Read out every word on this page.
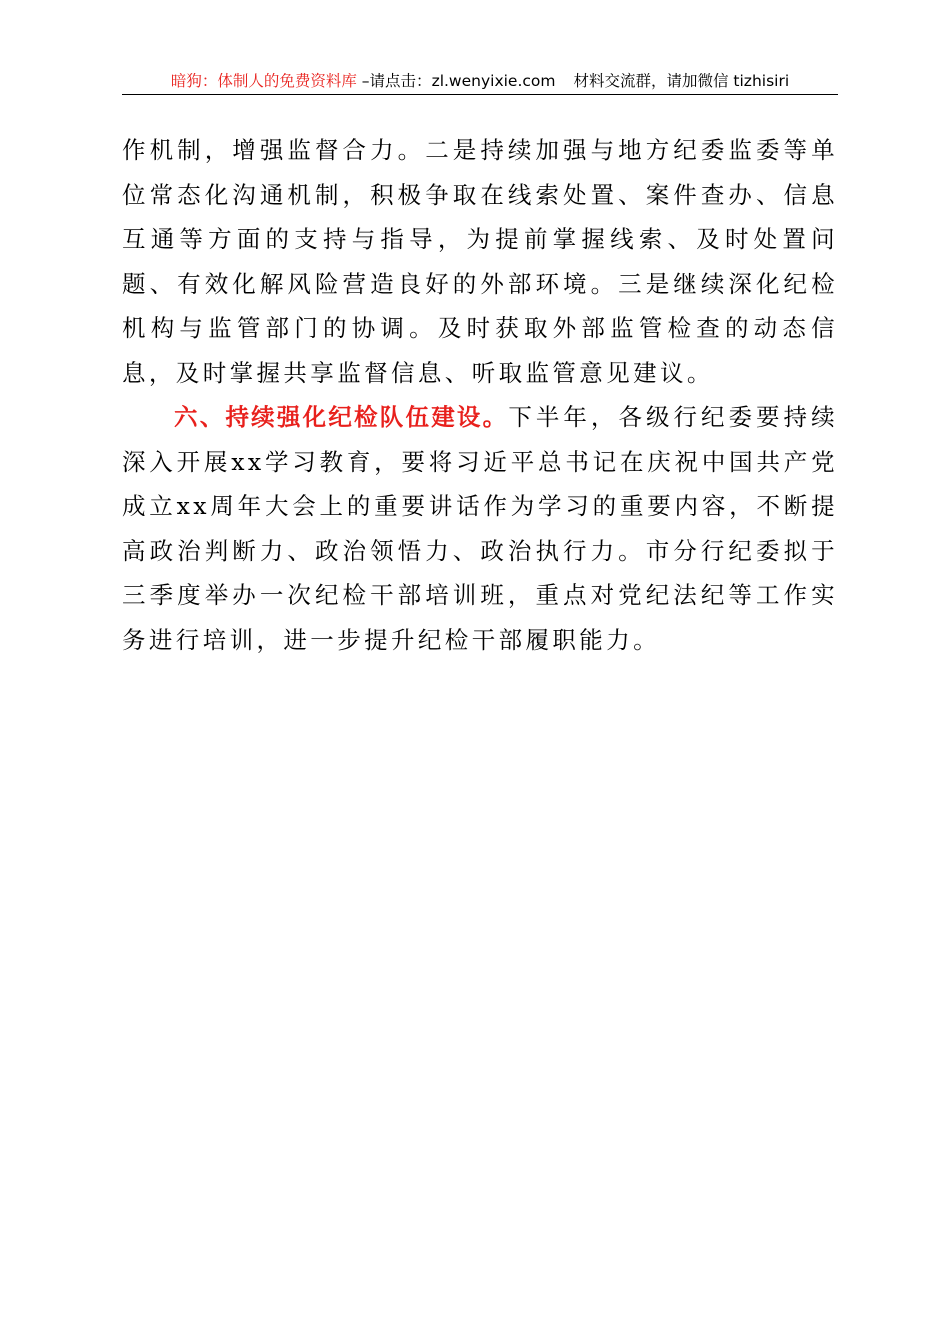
暗狗：体制人的免费资料库 –请点击：zl.wenyixie.com 材料交流群，请加微信 tizhisiri

作机制，增强监督合力。二是持续加强与地方纪委监委等单位常态化沟通机制，积极争取在线索处置、案件查办、信息互通等方面的支持与指导，为提前掌握线索、及时处置问题、有效化解风险营造良好的外部环境。三是继续深化纪检机构与监管部门的协调。及时获取外部监管检查的动态信息，及时掌握共享监督信息、听取监管意见建议。

六、持续强化纪检队伍建设。下半年，各级行纪委要持续深入开展xx学习教育，要将习近平总书记在庆祝中国共产党成立xx周年大会上的重要讲话作为学习的重要内容，不断提高政治判断力、政治领悟力、政治执行力。市分行纪委拟于三季度举办一次纪检干部培训班，重点对党纪法纪等工作实务进行培训，进一步提升纪检干部履职能力。
